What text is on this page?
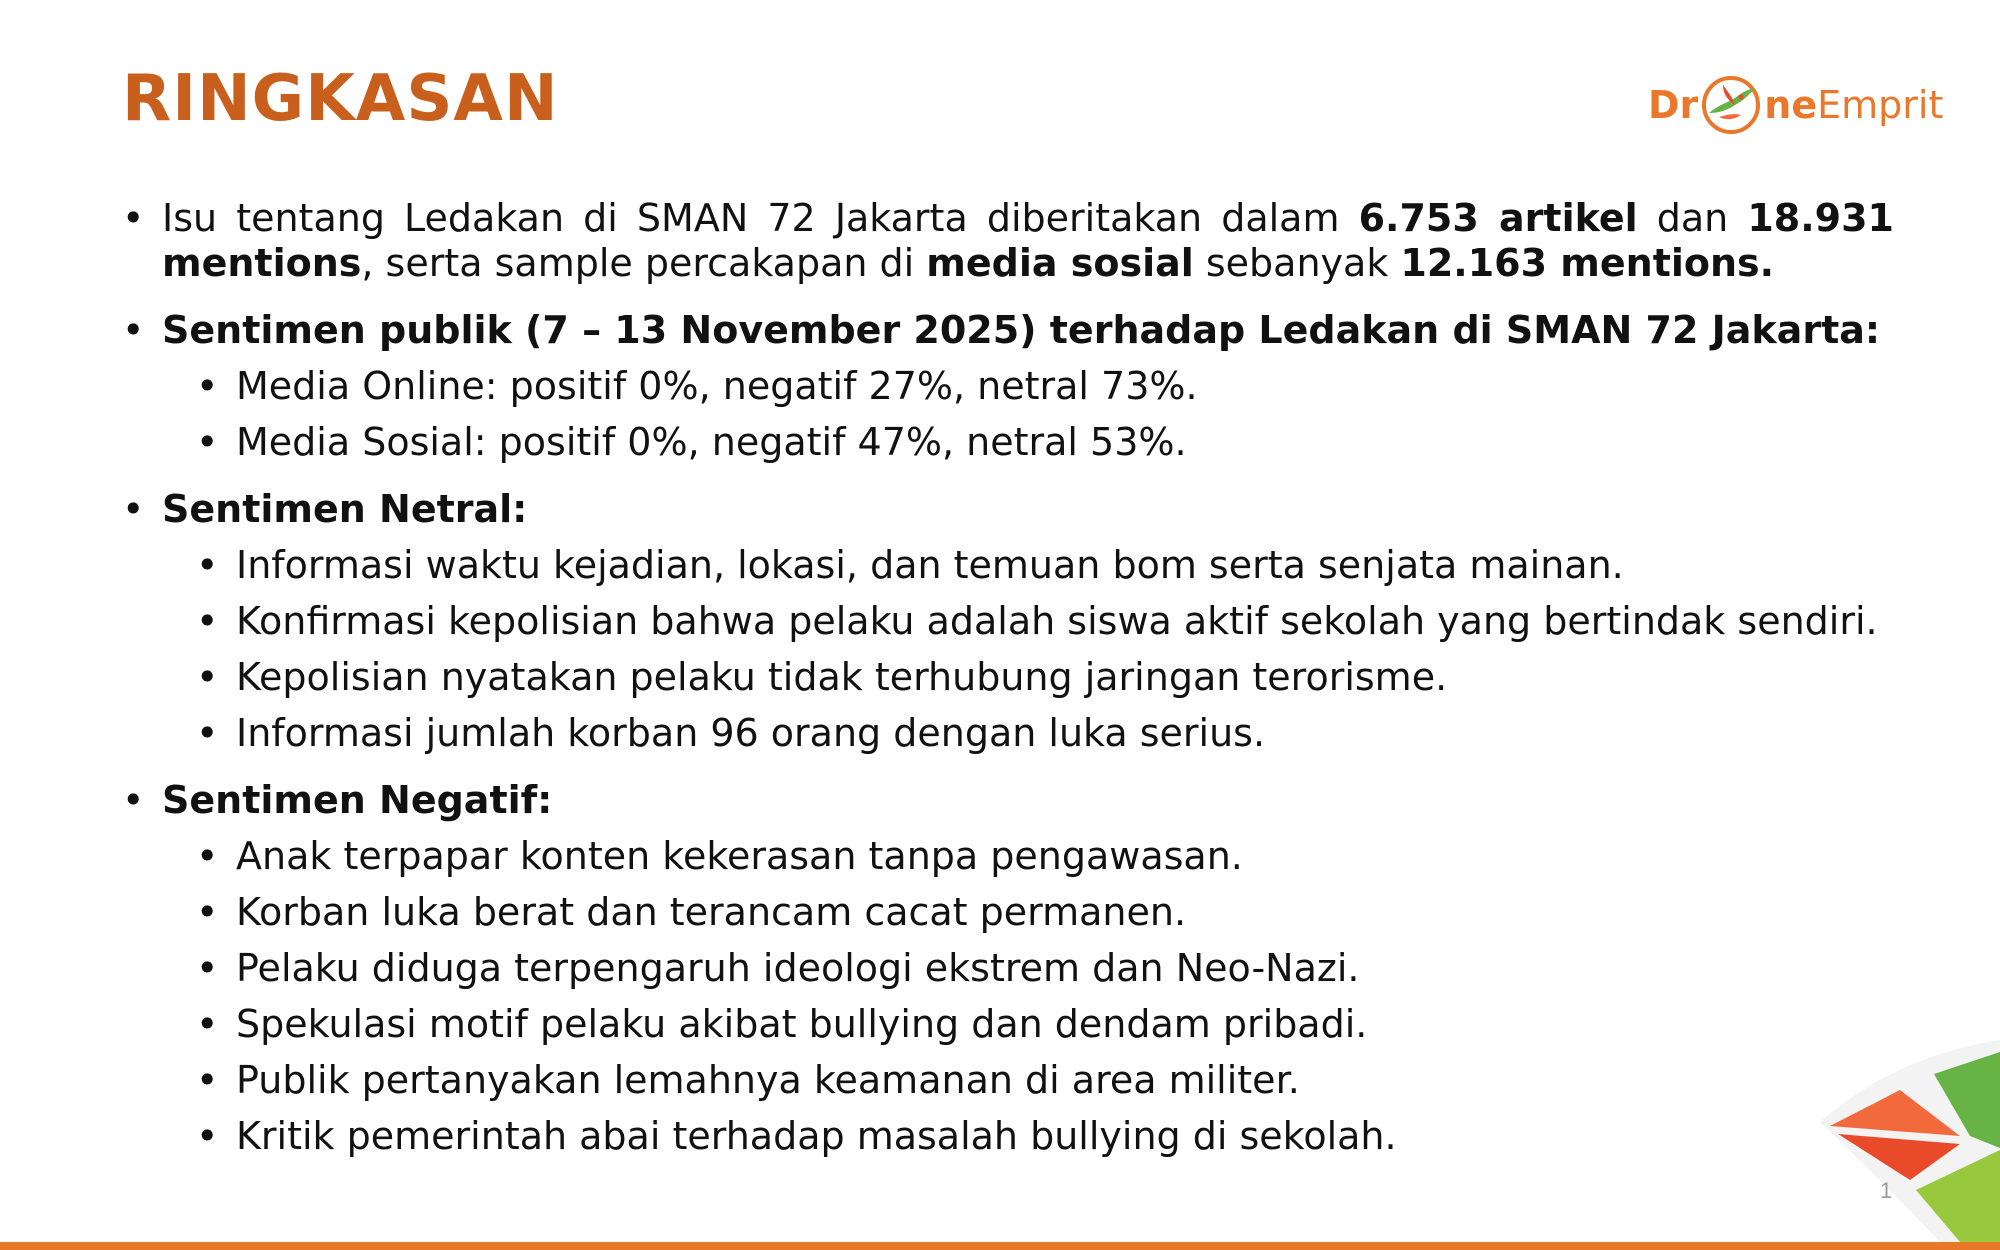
RINGKASAN	Dr ne Emprit
• Isu tentang Ledakan di SMAN 72 Jakarta diberitakan dalam 6.753 artikel dan 18.931 mentions, serta sample percakapan di media sosial sebanyak 12.163 mentions.
• Sentimen publik (7 – 13 November 2025) terhadap Ledakan di SMAN 72 Jakarta:
• Media Online: positif 0%, negatif 27%, netral 73%.
• Media Sosial: positif 0%, negatif 47%, netral 53%.
• Sentimen Netral:
• Informasi waktu kejadian, lokasi, dan temuan bom serta senjata mainan.
• Konfirmasi kepolisian bahwa pelaku adalah siswa aktif sekolah yang bertindak sendiri.
• Kepolisian nyatakan pelaku tidak terhubung jaringan terorisme.
• Informasi jumlah korban 96 orang dengan luka serius.
• Sentimen Negatif:
• Anak terpapar konten kekerasan tanpa pengawasan.
• Korban luka berat dan terancam cacat permanen.
• Pelaku diduga terpengaruh ideologi ekstrem dan Neo-Nazi.
• Spekulasi motif pelaku akibat bullying dan dendam pribadi.
• Publik pertanyakan lemahnya keamanan di area militer.
• Kritik pemerintah abai terhadap masalah bullying di sekolah.
1
